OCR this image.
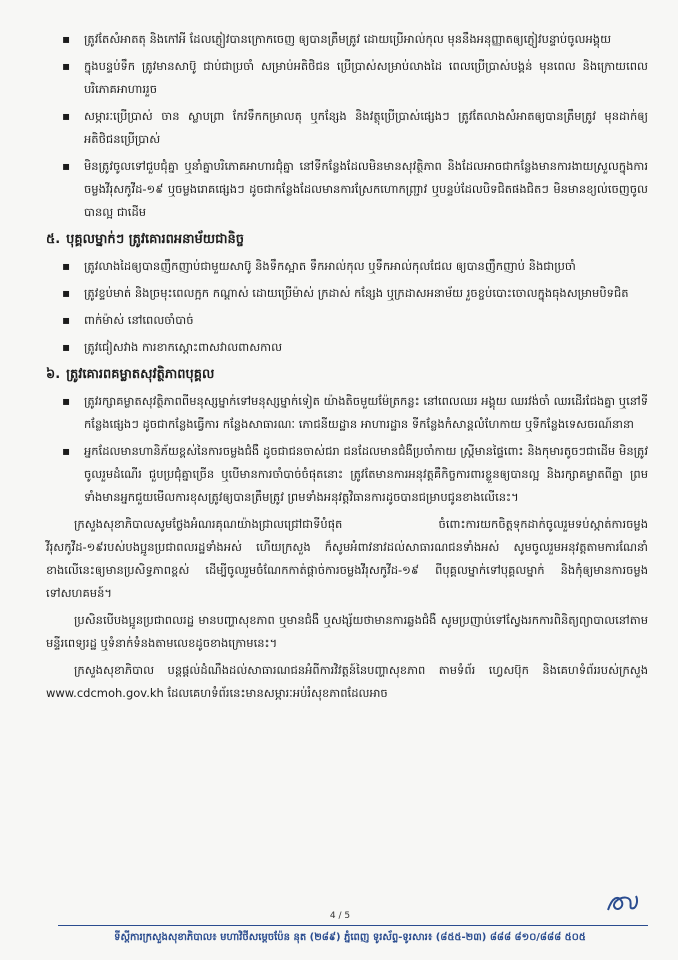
▪ ត្រូវតែសំអាតតុ និងកៅអី ដែលភ្ញៀវបានក្រោកចេញ ឲ្យបានត្រឹមត្រូវ ដោយប្រើអាល់កុល មុននឹងអនុញ្ញាតឲ្យភ្ញៀវបន្ទាប់ចូលអង្គុយ
▪ ក្នុងបន្ទប់ទឹក ត្រូវមានសាប៊ូ ជាប់ជាប្រចាំ សម្រាប់អតិថិជន ប្រើប្រាស់សម្រាប់លាងដៃ ពេលប្រើប្រាស់បង្គន់ មុនពេល និងក្រោយពេលបរិភោគអាហាររួច
▪ សម្ភារៈប្រើប្រាស់ ចាន ស្លាបព្រា កែវទឹកកម្រាលតុ ឬកន្សែង និងវត្ថុប្រើប្រាស់ផ្សេងៗ ត្រូវតែលាងសំអាតឲ្យបានត្រឹមត្រូវ មុនដាក់ឲ្យអតិថិជនប្រើប្រាស់
▪ មិនត្រូវចូលទៅជួបជុំគ្នា ឬនាំគ្នាបរិភោគអាហារជុំគ្នា នៅទីកន្លែងដែលមិនមានសុវត្ថិភាព និងដែលអាចជាកន្លែងមានការងាយស្រួលក្នុងការចម្លងវីរុសកូវីដ-១៩ ឬចម្លងរោគផ្សេងៗ ដូចជាកន្លែងដែលមានការស្រែកហោកញ្ជ្រាវ ឬបន្ទប់ដែលបិទជិតផងជិតៗ មិនមានខ្យល់ចេញចូលបានល្អ ជាដើម
៥. បុគ្គលម្នាក់ៗ ត្រូវគោរពអនាម័យជានិច្ច
▪ ត្រូវលាងដៃឲ្យបានញឹកញាប់ជាមួយសាប៊ូ និងទឹកស្អាត ទឹកអាល់កុល ឬទឹកអាល់កុលជែល ឲ្យបានញឹកញាប់ និងជាប្រចាំ
▪ ត្រូវខ្ទប់មាត់ និងច្រមុះពេលក្អក កណ្តាស់ ដោយប្រើម៉ាស់ ក្រដាស់ កន្សែង ឬក្រដាសអនាម័យ រួចខ្ចប់បោះចោលក្នុងធុងសម្រាមបិទជិត
▪ ពាក់ម៉ាស់ នៅពេលចាំបាច់
▪ ត្រូវជៀសវាង ការខាកស្តោះពាសវាលពាសកាល
៦. ត្រូវគោរពគម្លាតសុវត្ថិភាពបុគ្គល
▪ ត្រូវរក្សាគម្លាតសុវត្ថិភាពពីមនុស្សម្នាក់ទៅមនុស្សម្នាក់ទៀត យ៉ាងតិចមួយម៉ែត្រកន្លះ នៅពេលឈរ អង្គុយ ឈរវង់ចាំ ឈរដើរជែងគ្នា ឬនៅទីកន្លែងផ្សេងៗ ដូចជាកន្លែងធ្វើការ កន្លែងសាធារណៈ ភោជនីយដ្ឋាន អាហារដ្ឋាន ទីកន្លែងកំសាន្តលំហែកាយ ឬទីកន្លែងទេសចរណ៍នានា
▪ អ្នកដែលមានហានិភ័យខ្ពស់នៃការចម្លងជំងឺ ដូចជាជនចាស់ជរា ជនដែលមានជំងឺប្រចាំកាយ ស្ត្រីមានផ្ទៃពោះ និងកុមារតូចៗជាដើម មិនត្រូវចូលរួមដំណើរ ជួបប្រជុំគ្នាច្រើន ឬបើមានការចាំបាច់ចំផុតនោះ ត្រូវតែមានការអនុវត្តគឺកិច្ចការពារខ្លួនឲ្យបានល្អ និងរក្សាគម្លាតពីគ្នា ព្រមទាំងមានអ្នកជួយមើលការខុសត្រូវឲ្យបានត្រឹមត្រូវ ព្រមទាំងអនុវត្តវិធានការដូចបានជម្រាបជូនខាងលើនេះ។

ក្រសួងសុខាភិបាលសូមថ្លែងអំណរគុណយ៉ាងជ្រាលជ្រៅជាទីបំផុត ចំពោះការយកចិត្តទុកដាក់ចូលរួមទប់ស្កាត់ការចម្លងវីរុសកូវីដ-១៩របស់បងប្អូនប្រជាពលរដ្ឋទាំងអស់ ហើយក្រសួង ក៏សូមអំពាវនាវដល់សាធារណជនទាំងអស់ សូមចូលរួមអនុវត្តតាមការណែនាំខាងលើនេះឲ្យមានប្រសិទ្ធភាពខ្ពស់ ដើម្បីចូលរួមចំណែកកាត់ផ្តាច់ការចម្លងវីរុសកូវីដ-១៩ ពីបុគ្គលម្នាក់ទៅបុគ្គលម្នាក់ និងកុំឲ្យមានការចម្លងទៅសហគមន៍។

ប្រសិនបើបងប្អូនប្រជាពលរដ្ឋ មានបញ្ហាសុខភាព ឬមានជំងឺ ឬសង្ស័យថាមានការឆ្លងជំងឺ សូមប្រញាប់ទៅស្វែងរកការពិនិត្យព្យាបាលនៅតាមមន្ទីរពេទ្យរដ្ឋ ឬទំនាក់ទំនងតាមលេខដូចខាងក្រោមនេះ។

ក្រសួងសុខាភិបាល បន្តផ្តល់ដំណឹងដល់សាធារណជនអំពីការវិវត្តន៍នៃបញ្ហាសុខភាព តាមទំព័រ ហ្វេសប៊ុក និងគេហទំព័ររបស់ក្រសួង www.cdcmoh.gov.kh ដែលគេហទំព័រនេះមានសម្ភារៈអប់រំសុខភាពដែលអាច

4 / 5
ទីស្តីការក្រសួងសុខាភិបាល៖ មហាវិថីសម្ដេចប៉ែន នុត (២៨៩) ភ្នំពេញ ទូរស័ព្ទ-ទូរសារ៖ (៨៥៥-២៣) ៨៨៨ ៨១០/៨៨៨ ៥០៥
